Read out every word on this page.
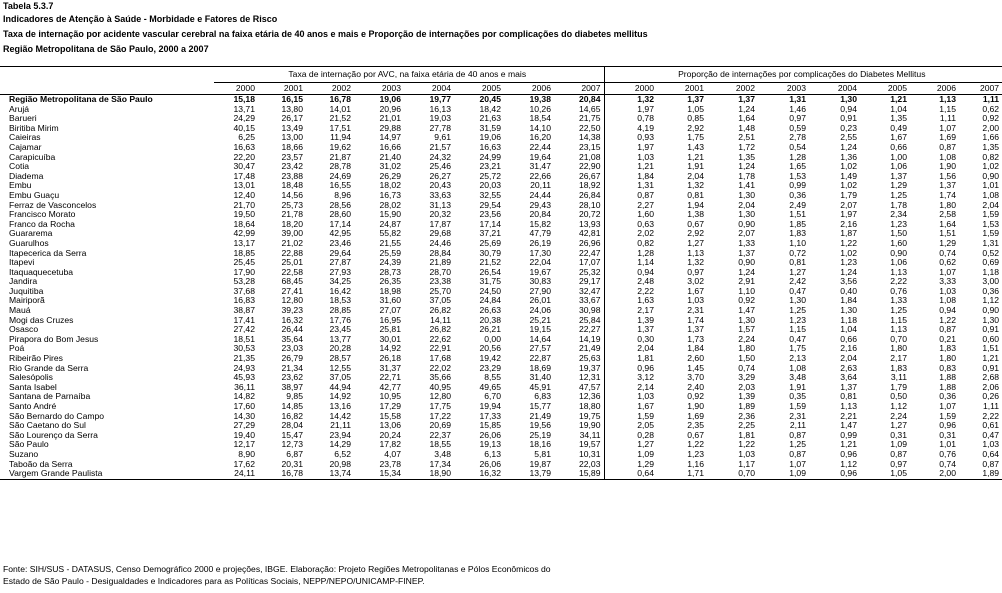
Tabela 5.3.7
Indicadores de Atenção à Saúde - Morbidade e Fatores de Risco
Taxa de internação por acidente vascular cerebral na faixa etária de 40 anos e mais e Proporção de internações por complicações do diabetes mellitus
Região Metropolitana de São Paulo, 2000 a 2007
	Taxa de internação por AVC, na faixa etária de 40 anos e mais								Proporção de internações por complicações do Diabetes Mellitus							
	2000	2001	2002	2003	2004	2005	2006	2007	2000	2001	2002	2003	2004	2005	2006	2007
Região Metropolitana de São Paulo	15,18	16,15	16,78	19,06	19,77	20,45	19,38	20,84	1,32	1,37	1,37	1,31	1,30	1,21	1,13	1,11
Arujá	13,71	13,80	14,01	20,96	16,13	18,42	10,26	14,65	1,97	1,05	1,24	1,46	0,94	1,04	1,15	0,62
Barueri	24,29	26,17	21,52	21,01	19,03	21,63	18,54	21,75	0,78	0,85	1,64	0,97	0,91	1,35	1,11	0,92
Biritiba Mirim	40,15	13,49	17,51	29,88	27,78	31,59	14,10	22,50	4,19	2,92	1,48	0,59	0,23	0,49	1,07	2,00
Caieiras	6,25	13,00	11,94	14,97	9,61	19,06	16,20	14,38	0,93	1,75	2,51	2,78	2,55	1,67	1,69	1,66
Cajamar	16,63	18,66	19,62	16,66	21,57	16,63	22,44	23,15	1,97	1,43	1,72	0,54	1,24	0,66	0,87	1,35
Carapicuíba	22,20	23,57	21,87	21,40	24,32	24,99	19,64	21,08	1,03	1,21	1,35	1,28	1,36	1,00	1,08	0,82
Cotia	30,47	23,42	28,78	31,02	25,46	23,21	31,47	22,90	1,21	1,91	1,24	1,65	1,02	1,06	1,90	1,02
Diadema	17,48	23,88	24,69	26,29	26,27	25,72	22,66	26,67	1,84	2,04	1,78	1,53	1,49	1,37	1,56	0,90
Embu	13,01	18,48	16,55	18,02	20,43	20,03	20,11	18,92	1,31	1,32	1,41	0,99	1,02	1,29	1,37	1,01
Embu Guaçu	12,40	14,56	8,96	16,73	33,63	32,55	24,44	26,84	0,87	0,81	1,30	0,36	1,79	1,25	1,74	1,08
Ferraz de Vasconcelos	21,70	25,73	28,56	28,02	31,13	29,54	29,43	28,10	2,27	1,94	2,04	2,49	2,07	1,78	1,80	2,04
Francisco Morato	19,50	21,78	28,60	15,90	20,32	23,56	20,84	20,72	1,60	1,38	1,30	1,51	1,97	2,34	2,58	1,59
Franco da Rocha	18,64	18,20	17,14	24,87	17,87	17,14	15,82	13,93	0,63	0,67	0,90	1,85	2,16	1,23	1,64	1,53
Guararema	42,99	39,00	42,95	55,82	29,68	37,21	47,79	42,81	2,02	2,92	2,07	1,83	1,87	1,50	1,51	1,59
Guarulhos	13,17	21,02	23,46	21,55	24,46	25,69	26,19	26,96	0,82	1,27	1,33	1,10	1,22	1,60	1,29	1,31
Itapecerica da Serra	18,85	22,88	29,64	25,59	28,84	30,79	17,30	22,47	1,28	1,13	1,37	0,72	1,02	0,90	0,74	0,52
Itapevi	25,45	25,01	27,87	24,39	21,89	21,52	22,04	17,07	1,14	1,32	0,90	0,81	1,23	1,06	0,62	0,69
Itaquaquecetuba	17,90	22,58	27,93	28,73	28,70	26,54	19,67	25,32	0,94	0,97	1,24	1,27	1,24	1,13	1,07	1,18
Jandira	53,28	68,45	34,25	26,35	23,38	31,75	30,83	29,17	2,48	3,02	2,91	2,42	3,56	2,22	3,33	3,00
Juquitiba	37,68	27,41	16,42	18,98	25,70	24,50	27,90	32,47	2,22	1,67	1,10	0,47	0,40	0,76	1,03	0,36
Mairiporã	16,83	12,80	18,53	31,60	37,05	24,84	26,01	33,67	1,63	1,03	0,92	1,30	1,84	1,33	1,08	1,12
Mauá	38,87	39,23	28,85	27,07	26,82	26,63	24,06	30,98	2,17	2,31	1,47	1,25	1,30	1,25	0,94	0,90
Mogi das Cruzes	17,41	16,32	17,76	16,95	14,11	20,38	25,21	25,84	1,39	1,74	1,30	1,23	1,18	1,15	1,22	1,30
Osasco	27,42	26,44	23,45	25,81	26,82	26,21	19,15	22,27	1,37	1,37	1,57	1,15	1,04	1,13	0,87	0,91
Pirapora do Bom Jesus	18,51	35,64	13,77	30,01	22,62	0,00	14,64	14,19	0,30	1,73	2,24	0,47	0,66	0,70	0,21	0,60
Poá	30,53	23,03	20,28	14,92	22,91	20,56	27,57	21,49	2,04	1,84	1,80	1,75	2,16	1,80	1,83	1,51
Ribeirão Pires	21,35	26,79	28,57	26,18	17,68	19,42	22,87	25,63	1,81	2,60	1,50	2,13	2,04	2,17	1,80	1,21
Rio Grande da Serra	24,93	21,34	12,55	31,37	22,02	23,29	18,69	19,37	0,96	1,45	0,74	1,08	2,63	1,83	0,83	0,91
Salesópolis	45,93	23,62	37,05	22,71	35,66	8,55	31,40	12,31	3,12	3,70	3,29	3,48	3,64	3,11	1,88	2,68
Santa Isabel	36,11	38,97	44,94	42,77	40,95	49,65	45,91	47,57	2,14	2,40	2,03	1,91	1,37	1,79	1,88	2,06
Santana de Parnaíba	14,82	9,85	14,92	10,95	12,80	6,70	6,83	12,36	1,03	0,92	1,39	0,35	0,81	0,50	0,36	0,26
Santo André	17,60	14,85	13,16	17,29	17,75	19,94	15,77	18,80	1,67	1,90	1,89	1,59	1,13	1,12	1,07	1,11
São Bernardo do Campo	14,30	16,82	14,42	15,58	17,22	17,33	21,49	19,75	1,59	1,69	2,36	2,31	2,21	2,24	1,59	2,22
São Caetano do Sul	27,29	28,04	21,11	13,06	20,69	15,85	19,56	19,90	2,05	2,35	2,25	2,11	1,47	1,27	0,96	0,61
São Lourenço da Serra	19,40	15,47	23,94	20,24	22,37	26,06	25,19	34,11	0,28	0,67	1,81	0,87	0,99	0,31	0,31	0,47
São Paulo	12,17	12,73	14,29	17,82	18,55	19,13	18,16	19,57	1,27	1,22	1,22	1,25	1,21	1,09	1,01	1,03
Suzano	8,90	6,87	6,52	4,07	3,48	6,13	5,81	10,31	1,09	1,23	1,03	0,87	0,96	0,87	0,76	0,64
Taboão da Serra	17,62	20,31	20,98	23,78	17,34	26,06	19,87	22,03	1,29	1,16	1,17	1,07	1,12	0,97	0,74	0,87
Vargem Grande Paulista	24,11	16,78	13,74	15,34	18,90	16,32	13,79	15,89	0,64	1,71	0,70	1,09	0,96	1,05	2,00	1,89
Fonte: SIH/SUS - DATASUS, Censo Demográfico 2000 e projeções, IBGE. Elaboração: Projeto Regiões Metropolitanas e Pólos Econômicos do
Estado de São Paulo - Desigualdades e Indicadores para as Políticas Sociais, NEPP/NEPO/UNICAMP-FINEP.
